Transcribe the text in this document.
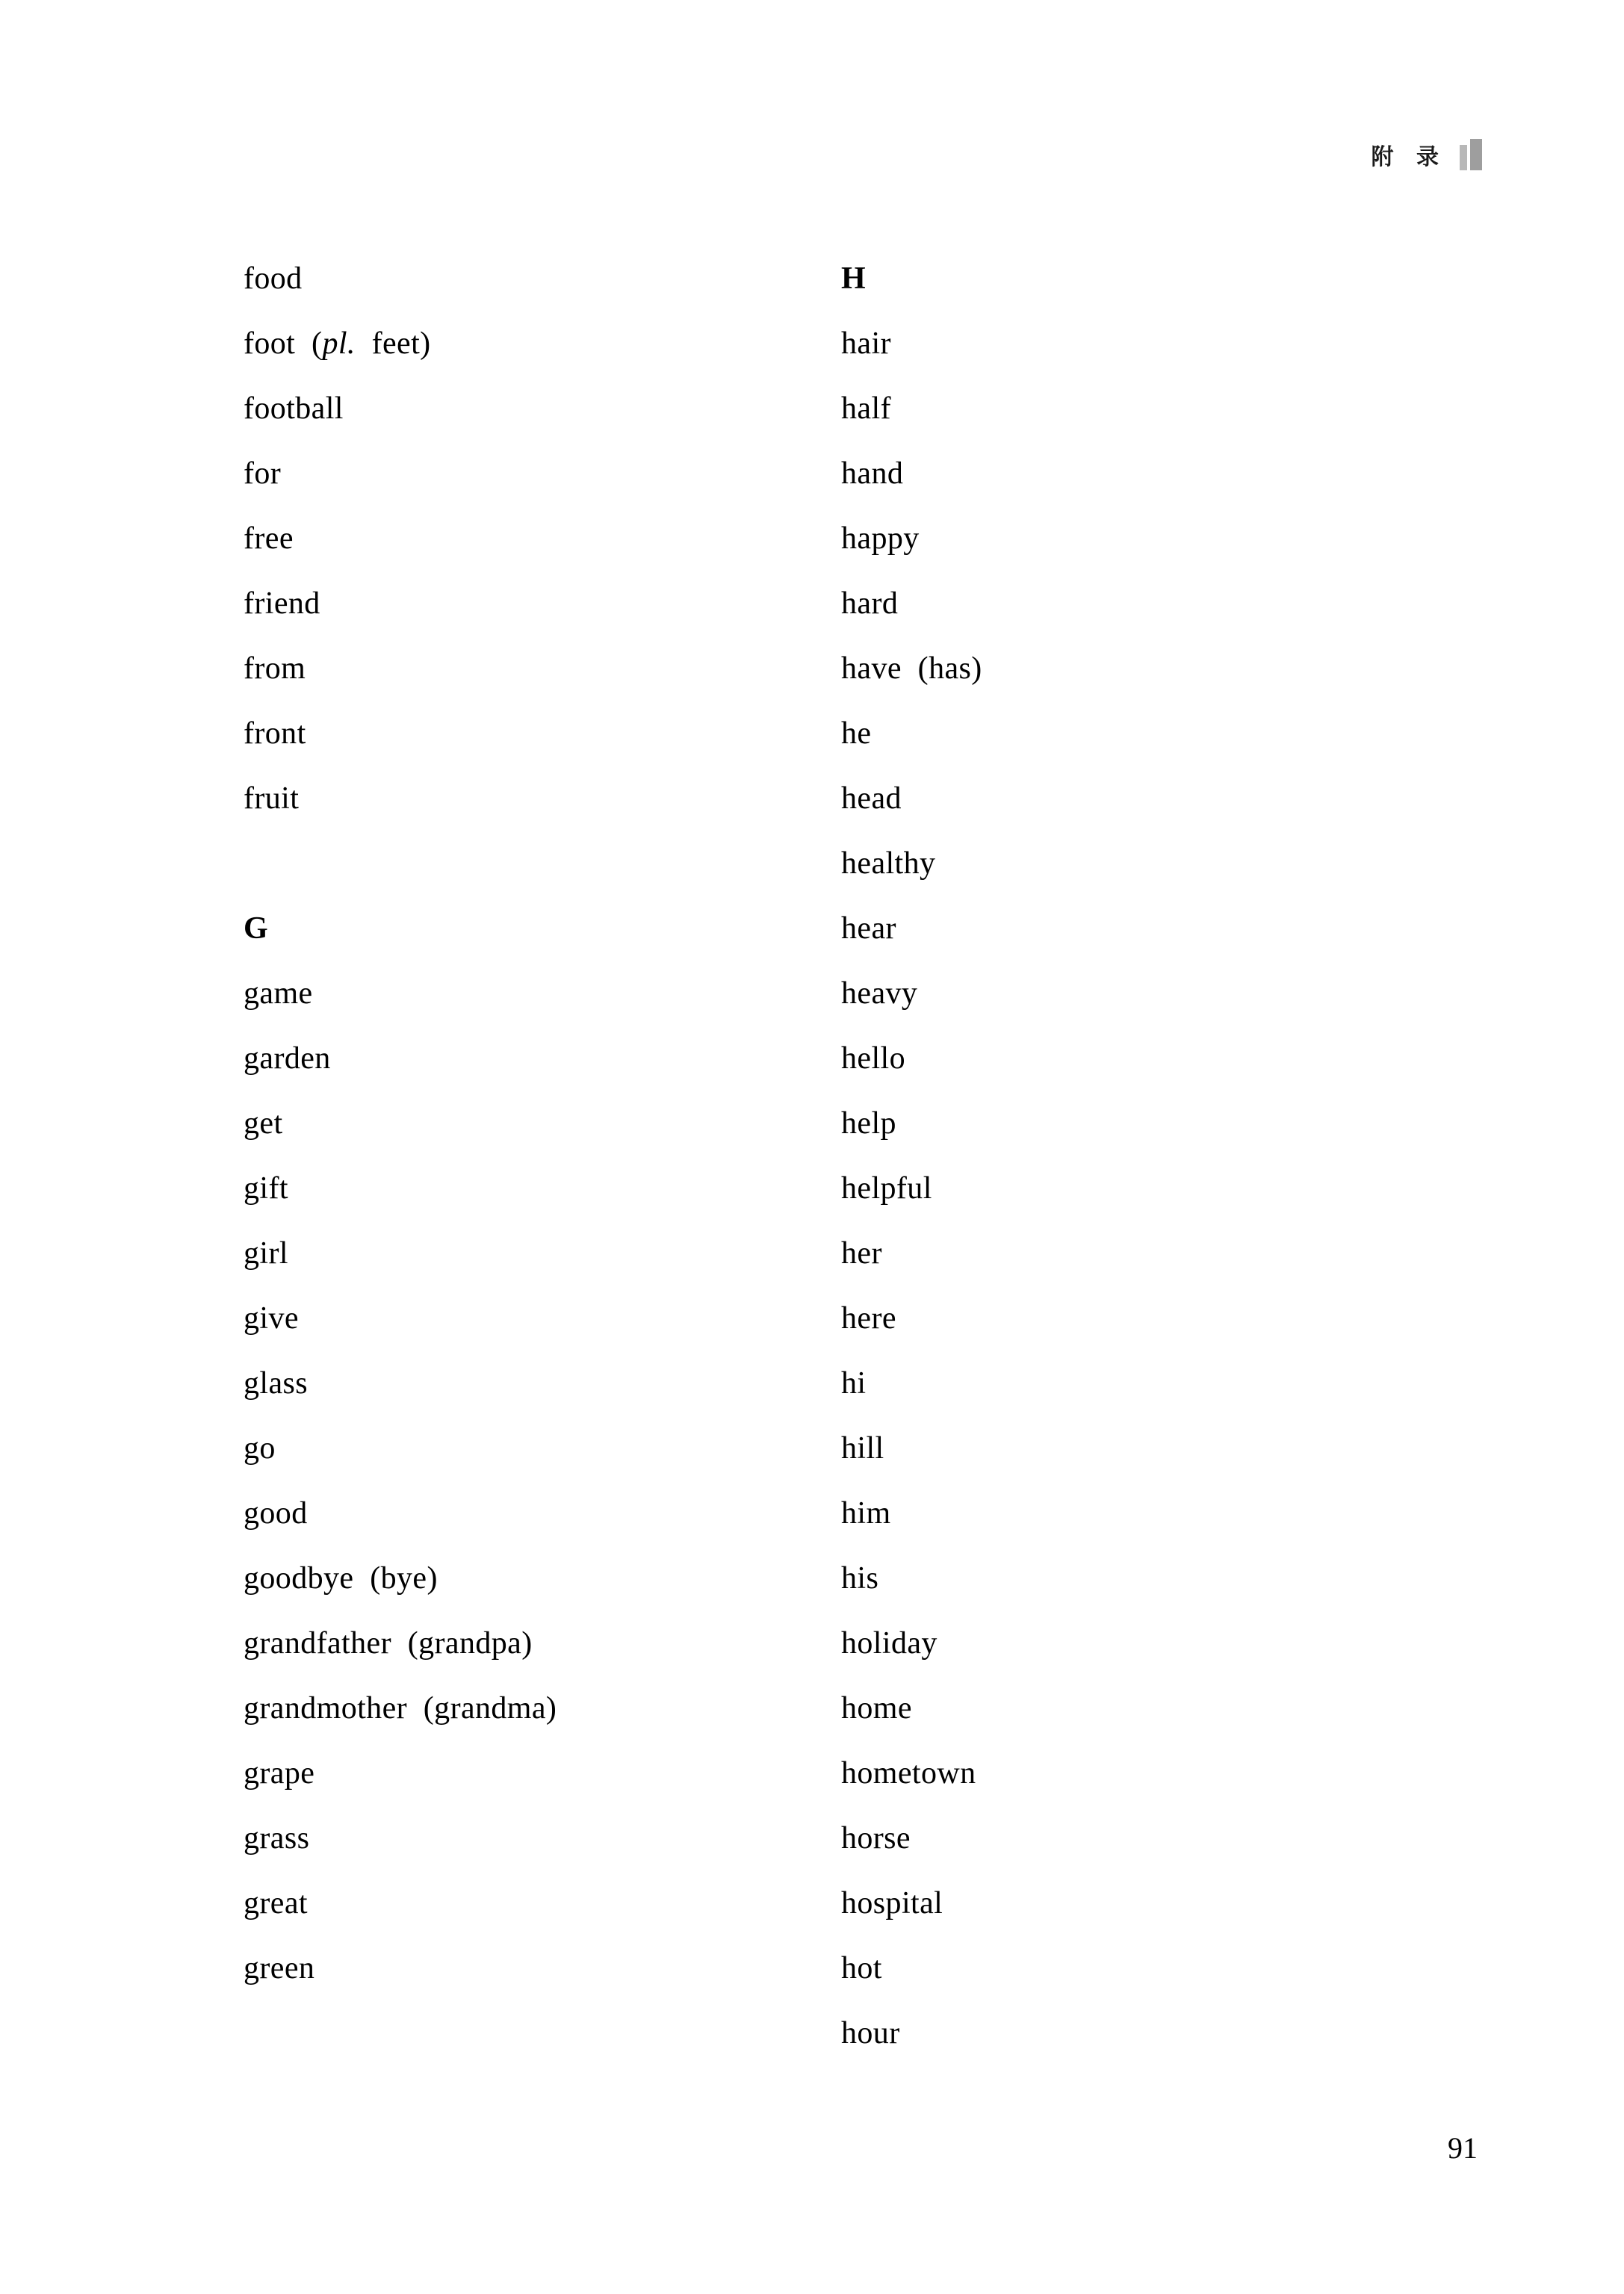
附 录
food
foot  (pl.  feet)
football
for
free
friend
from
front
fruit
G
game
garden
get
gift
girl
give
glass
go
good
goodbye  (bye)
grandfather  (grandpa)
grandmother  (grandma)
grape
grass
great
green
H
hair
half
hand
happy
hard
have  (has)
he
head
healthy
hear
heavy
hello
help
helpful
her
here
hi
hill
him
his
holiday
home
hometown
horse
hospital
hot
hour
91
